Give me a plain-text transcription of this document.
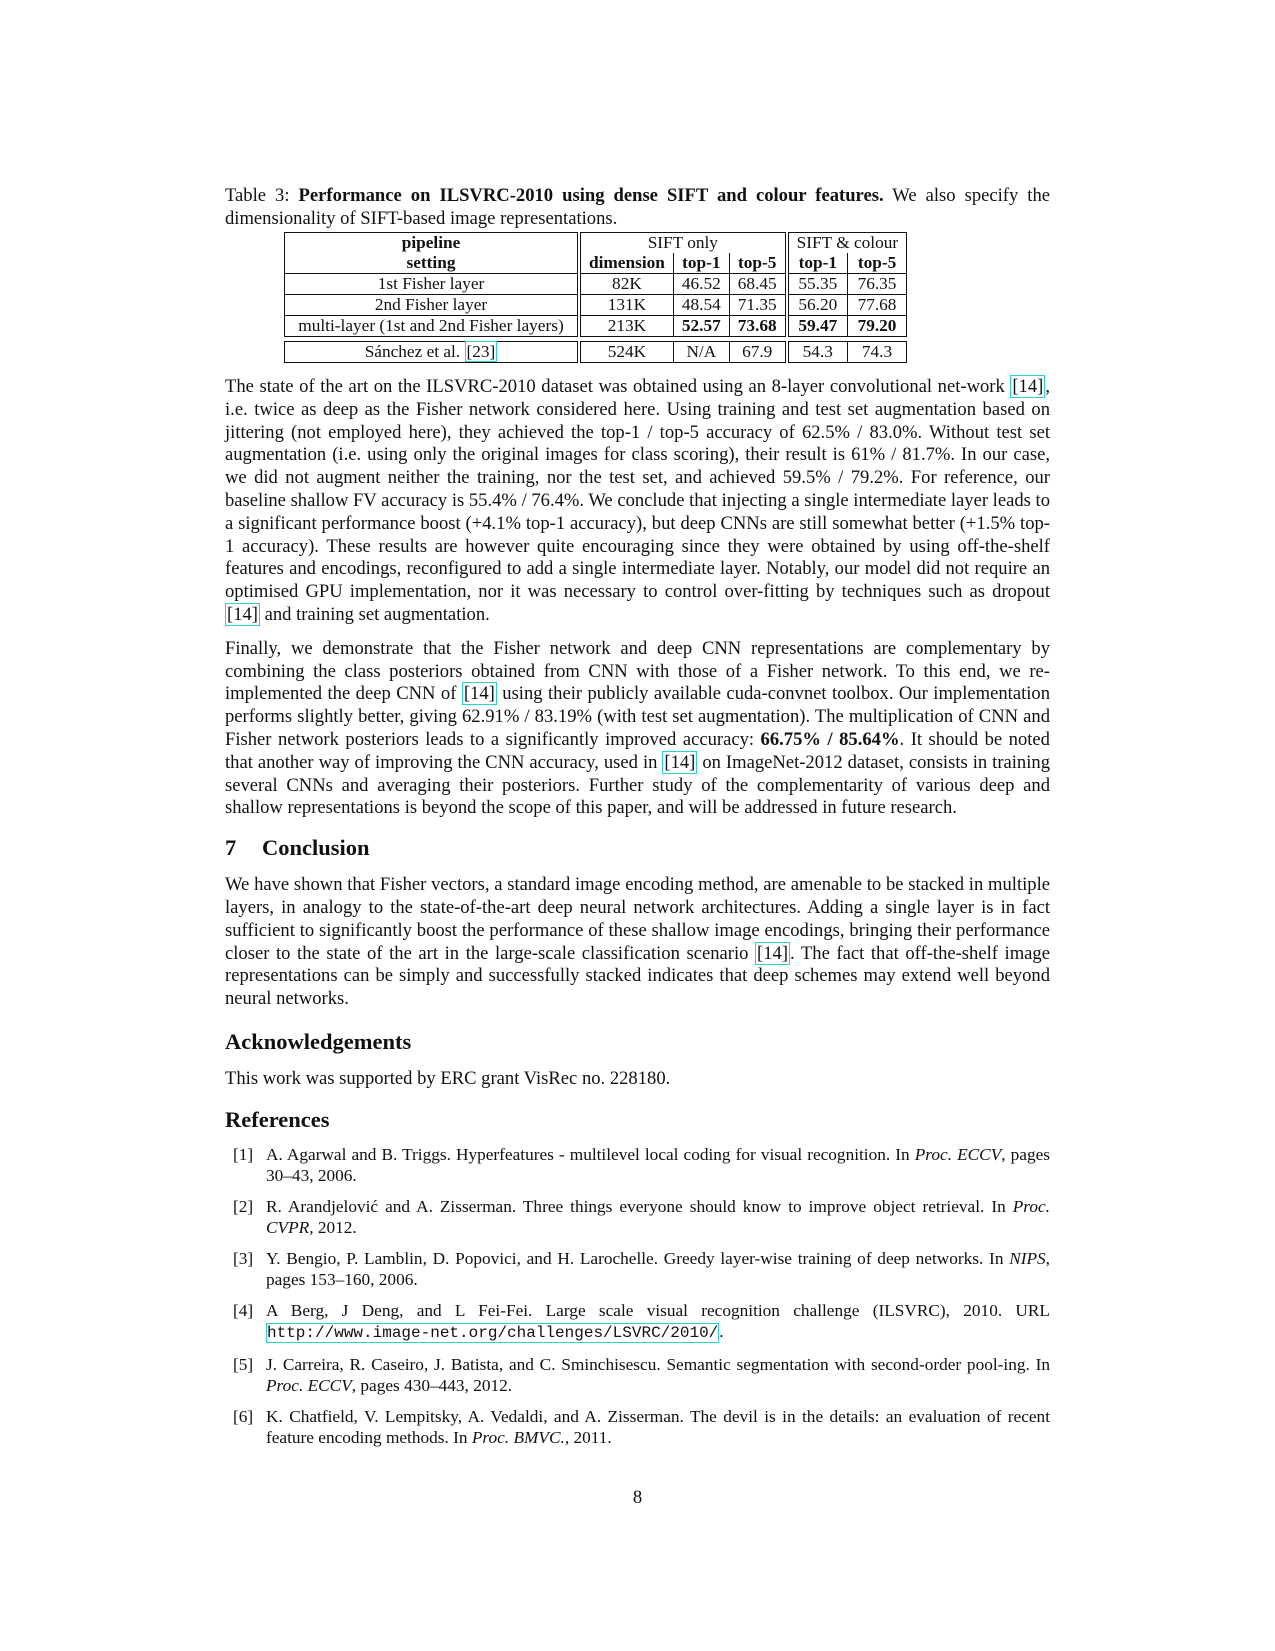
Table 3: Performance on ILSVRC-2010 using dense SIFT and colour features. We also specify the dimensionality of SIFT-based image representations.

pipeline	SIFT only			SIFT & colour	
setting	dimension	top-1	top-5	top-1	top-5
1st Fisher layer	82K	46.52	68.45	55.35	76.35
2nd Fisher layer	131K	48.54	71.35	56.20	77.68
multi-layer (1st and 2nd Fisher layers)	213K	52.57	73.68	59.47	79.20

Sánchez et al. [23]	524K	N/A	67.9	54.3	74.3

The state of the art on the ILSVRC-2010 dataset was obtained using an 8-layer convolutional net-work [14] , i.e. twice as deep as the Fisher network considered here. Using training and test set augmentation based on jittering (not employed here), they achieved the top-1 / top-5 accuracy of 62.5% / 83.0%. Without test set augmentation (i.e. using only the original images for class scoring), their result is 61% / 81.7%. In our case, we did not augment neither the training, nor the test set, and achieved 59.5% / 79.2%. For reference, our baseline shallow FV accuracy is 55.4% / 76.4%. We conclude that injecting a single intermediate layer leads to a significant performance boost (+4.1% top-1 accuracy), but deep CNNs are still somewhat better (+1.5% top-1 accuracy). These results are however quite encouraging since they were obtained by using off-the-shelf features and encodings, reconfigured to add a single intermediate layer. Notably, our model did not require an optimised GPU implementation, nor it was necessary to control over-fitting by techniques such as dropout [14] and training set augmentation.

Finally, we demonstrate that the Fisher network and deep CNN representations are complementary by combining the class posteriors obtained from CNN with those of a Fisher network. To this end, we re-implemented the deep CNN of [14] using their publicly available cuda-convnet toolbox. Our implementation performs slightly better, giving 62.91% / 83.19% (with test set augmentation). The multiplication of CNN and Fisher network posteriors leads to a significantly improved accuracy: 66.75% / 85.64%. It should be noted that another way of improving the CNN accuracy, used in [14] on ImageNet-2012 dataset, consists in training several CNNs and averaging their posteriors. Further study of the complementarity of various deep and shallow representations is beyond the scope of this paper, and will be addressed in future research.

7 Conclusion

We have shown that Fisher vectors, a standard image encoding method, are amenable to be stacked in multiple layers, in analogy to the state-of-the-art deep neural network architectures. Adding a single layer is in fact sufficient to significantly boost the performance of these shallow image encodings, bringing their performance closer to the state of the art in the large-scale classification scenario [14] . The fact that off-the-shelf image representations can be simply and successfully stacked indicates that deep schemes may extend well beyond neural networks.

Acknowledgements

This work was supported by ERC grant VisRec no. 228180.

References
[1] A. Agarwal and B. Triggs. Hyperfeatures - multilevel local coding for visual recognition. In Proc. ECCV, pages 30–43, 2006.
[2] R. Arandjelović and A. Zisserman. Three things everyone should know to improve object retrieval. In Proc. CVPR, 2012.
[3] Y. Bengio, P. Lamblin, D. Popovici, and H. Larochelle. Greedy layer-wise training of deep networks. In NIPS, pages 153–160, 2006.
[4] A Berg, J Deng, and L Fei-Fei. Large scale visual recognition challenge (ILSVRC), 2010. URL http://www.image-net.org/challenges/LSVRC/2010/.
[5] J. Carreira, R. Caseiro, J. Batista, and C. Sminchisescu. Semantic segmentation with second-order pool-ing. In Proc. ECCV, pages 430–443, 2012.
[6] K. Chatfield, V. Lempitsky, A. Vedaldi, and A. Zisserman. The devil is in the details: an evaluation of recent feature encoding methods. In Proc. BMVC., 2011.
8
